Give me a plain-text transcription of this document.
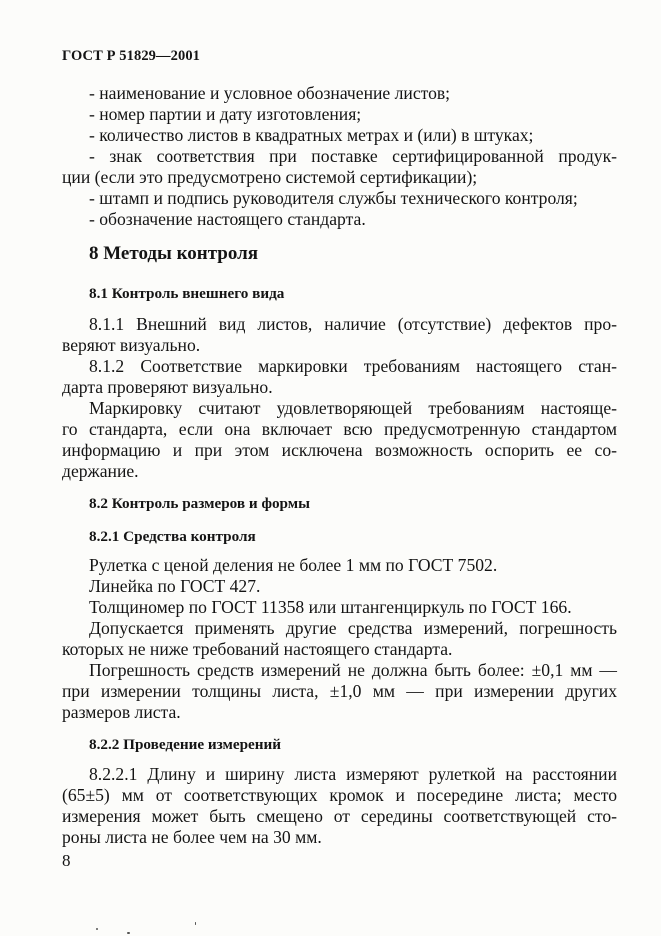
ГОСТ Р 51829—2001
- наименование и условное обозначение листов;
- номер партии и дату изготовления;
- количество листов в квадратных метрах и (или) в штуках;
- знак соответствия при поставке сертифицированной продук-
ции (если это предусмотрено системой сертификации);
- штамп и подпись руководителя службы технического контроля;
- обозначение настоящего стандарта.
8 Методы контроля
8.1 Контроль внешнего вида
8.1.1 Внешний вид листов, наличие (отсутствие) дефектов про-
веряют визуально.
8.1.2 Соответствие маркировки требованиям настоящего стан-
дарта проверяют визуально.
Маркировку считают удовлетворяющей требованиям настояще-
го стандарта, если она включает всю предусмотренную стандартом
информацию и при этом исключена возможность оспорить ее со-
держание.
8.2 Контроль размеров и формы
8.2.1 Средства контроля
Рулетка с ценой деления не более 1 мм по ГОСТ 7502.
Линейка по ГОСТ 427.
Толщиномер по ГОСТ 11358 или штангенциркуль по ГОСТ 166.
Допускается применять другие средства измерений, погрешность
которых не ниже требований настоящего стандарта.
Погрешность средств измерений не должна быть более: ±0,1 мм —
при измерении толщины листа, ±1,0 мм — при измерении других
размеров листа.
8.2.2 Проведение измерений
8.2.2.1 Длину и ширину листа измеряют рулеткой на расстоянии
(65±5) мм от соответствующих кромок и посередине листа; место
измерения может быть смещено от середины соответствующей сто-
роны листа не более чем на 30 мм.
8
